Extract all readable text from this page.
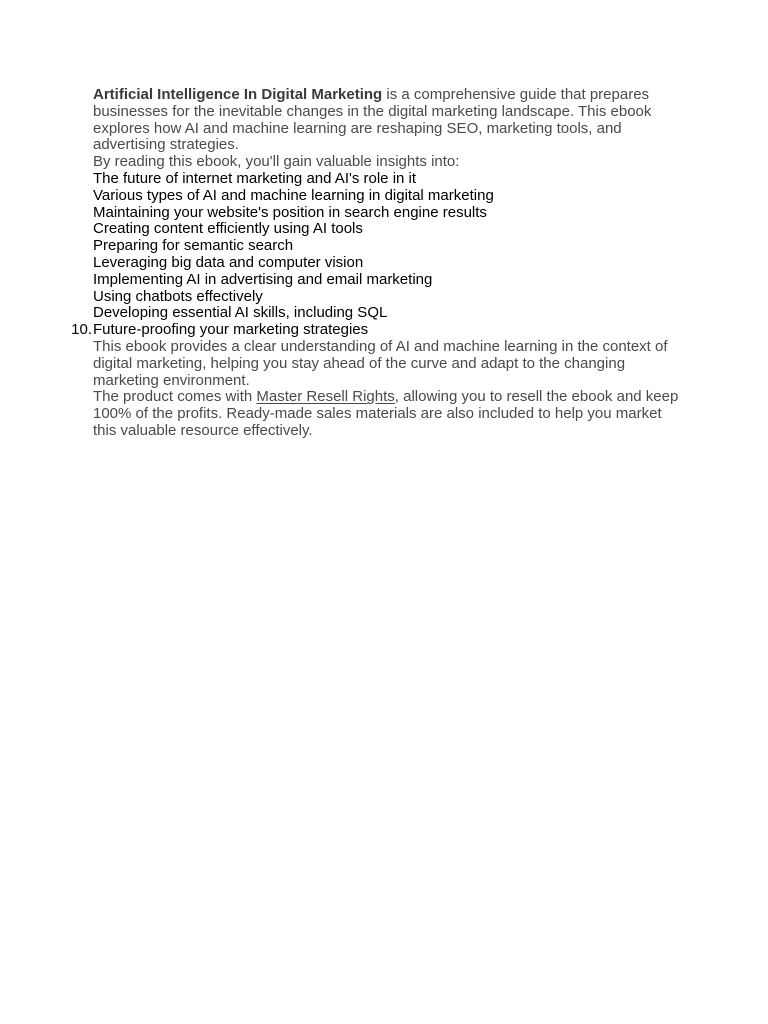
Artificial Intelligence In Digital Marketing is a comprehensive guide that prepares businesses for the inevitable changes in the digital marketing landscape. This ebook explores how AI and machine learning are reshaping SEO, marketing tools, and advertising strategies.

By reading this ebook, you'll gain valuable insights into:

The future of internet marketing and AI's role in it
Various types of AI and machine learning in digital marketing
Maintaining your website's position in search engine results
Creating content efficiently using AI tools
Preparing for semantic search
Leveraging big data and computer vision
Implementing AI in advertising and email marketing
Using chatbots effectively
Developing essential AI skills, including SQL
10. Future-proofing your marketing strategies

This ebook provides a clear understanding of AI and machine learning in the context of digital marketing, helping you stay ahead of the curve and adapt to the changing marketing environment.

The product comes with Master Resell Rights, allowing you to resell the ebook and keep 100% of the profits. Ready-made sales materials are also included to help you market this valuable resource effectively.
